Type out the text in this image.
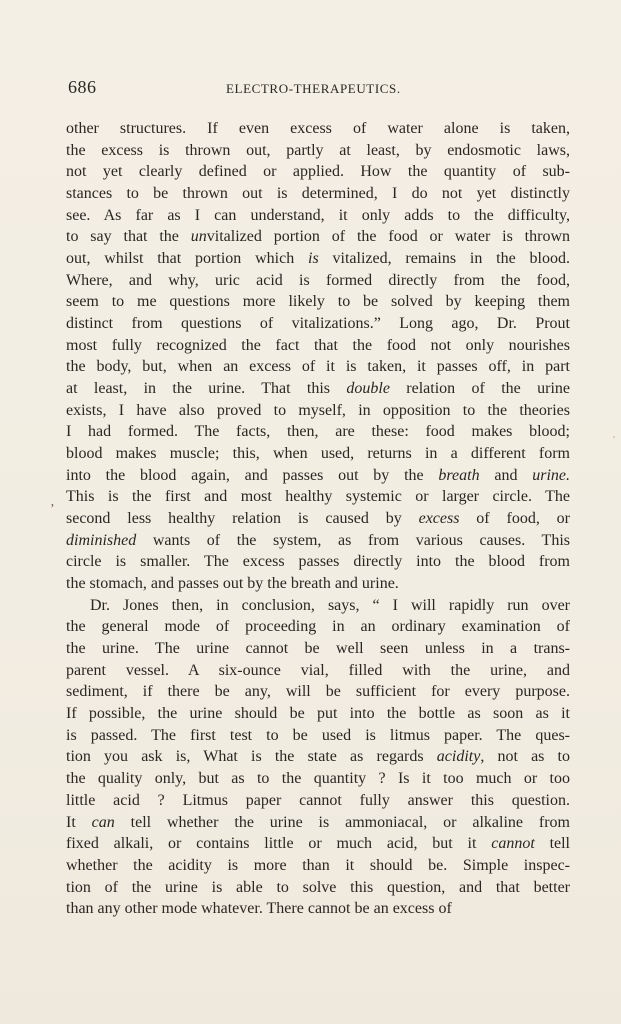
686	ELECTRO-THERAPEUTICS.
other structures. If even excess of water alone is taken,
the excess is thrown out, partly at least, by endosmotic laws,
not yet clearly defined or applied. How the quantity of sub-
stances to be thrown out is determined, I do not yet distinctly
see. As far as I can understand, it only adds to the difficulty,
to say that the unvitalized portion of the food or water is thrown
out, whilst that portion which is vitalized, remains in the blood.
Where, and why, uric acid is formed directly from the food,
seem to me questions more likely to be solved by keeping them
distinct from questions of vitalizations.” Long ago, Dr. Prout
most fully recognized the fact that the food not only nourishes
the body, but, when an excess of it is taken, it passes off, in part
at least, in the urine. That this double relation of the urine
exists, I have also proved to myself, in opposition to the theories
I had formed. The facts, then, are these: food makes blood;
blood makes muscle; this, when used, returns in a different form
into the blood again, and passes out by the breath and urine.
This is the first and most healthy systemic or larger circle. The
second less healthy relation is caused by excess of food, or
diminished wants of the system, as from various causes. This
circle is smaller. The excess passes directly into the blood from
the stomach, and passes out by the breath and urine.
Dr. Jones then, in conclusion, says, “ I will rapidly run over
the general mode of proceeding in an ordinary examination of
the urine. The urine cannot be well seen unless in a trans-
parent vessel. A six-ounce vial, filled with the urine, and
sediment, if there be any, will be sufficient for every purpose.
If possible, the urine should be put into the bottle as soon as it
is passed. The first test to be used is litmus paper. The ques-
tion you ask is, What is the state as regards acidity, not as to
the quality only, but as to the quantity ? Is it too much or too
little acid ? Litmus paper cannot fully answer this question.
It can tell whether the urine is ammoniacal, or alkaline from
fixed alkali, or contains little or much acid, but it cannot tell
whether the acidity is more than it should be. Simple inspec-
tion of the urine is able to solve this question, and that better
than any other mode whatever. There cannot be an excess of
’
’
